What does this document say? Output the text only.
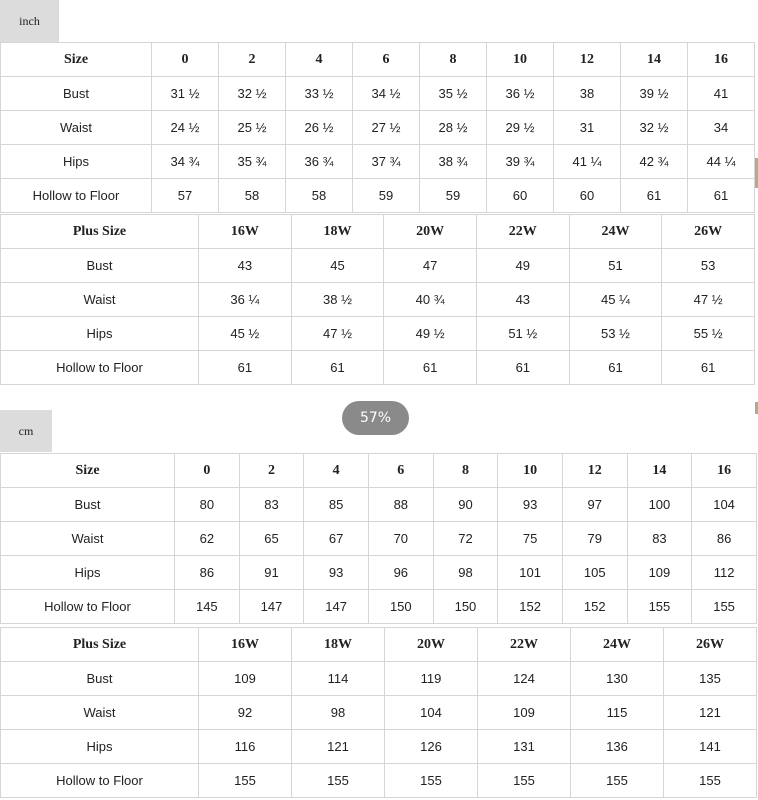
inch
Size	0	2	4	6	8	10	12	14	16
Bust	31 ½	32 ½	33 ½	34 ½	35 ½	36 ½	38	39 ½	41
Waist	24 ½	25 ½	26 ½	27 ½	28 ½	29 ½	31	32 ½	34
Hips	34 ¾	35 ¾	36 ¾	37 ¾	38 ¾	39 ¾	41 ¼	42 ¾	44 ¼
Hollow to Floor	57	58	58	59	59	60	60	61	61
Plus Size	16W	18W	20W	22W	24W	26W
Bust	43	45	47	49	51	53
Waist	36 ¼	38 ½	40 ¾	43	45 ¼	47 ½
Hips	45 ½	47 ½	49 ½	51 ½	53 ½	55 ½
Hollow to Floor	61	61	61	61	61	61
57%
cm
Size	0	2	4	6	8	10	12	14	16
Bust	80	83	85	88	90	93	97	100	104
Waist	62	65	67	70	72	75	79	83	86
Hips	86	91	93	96	98	101	105	109	112
Hollow to Floor	145	147	147	150	150	152	152	155	155
Plus Size	16W	18W	20W	22W	24W	26W
Bust	109	114	119	124	130	135
Waist	92	98	104	109	115	121
Hips	116	121	126	131	136	141
Hollow to Floor	155	155	155	155	155	155
